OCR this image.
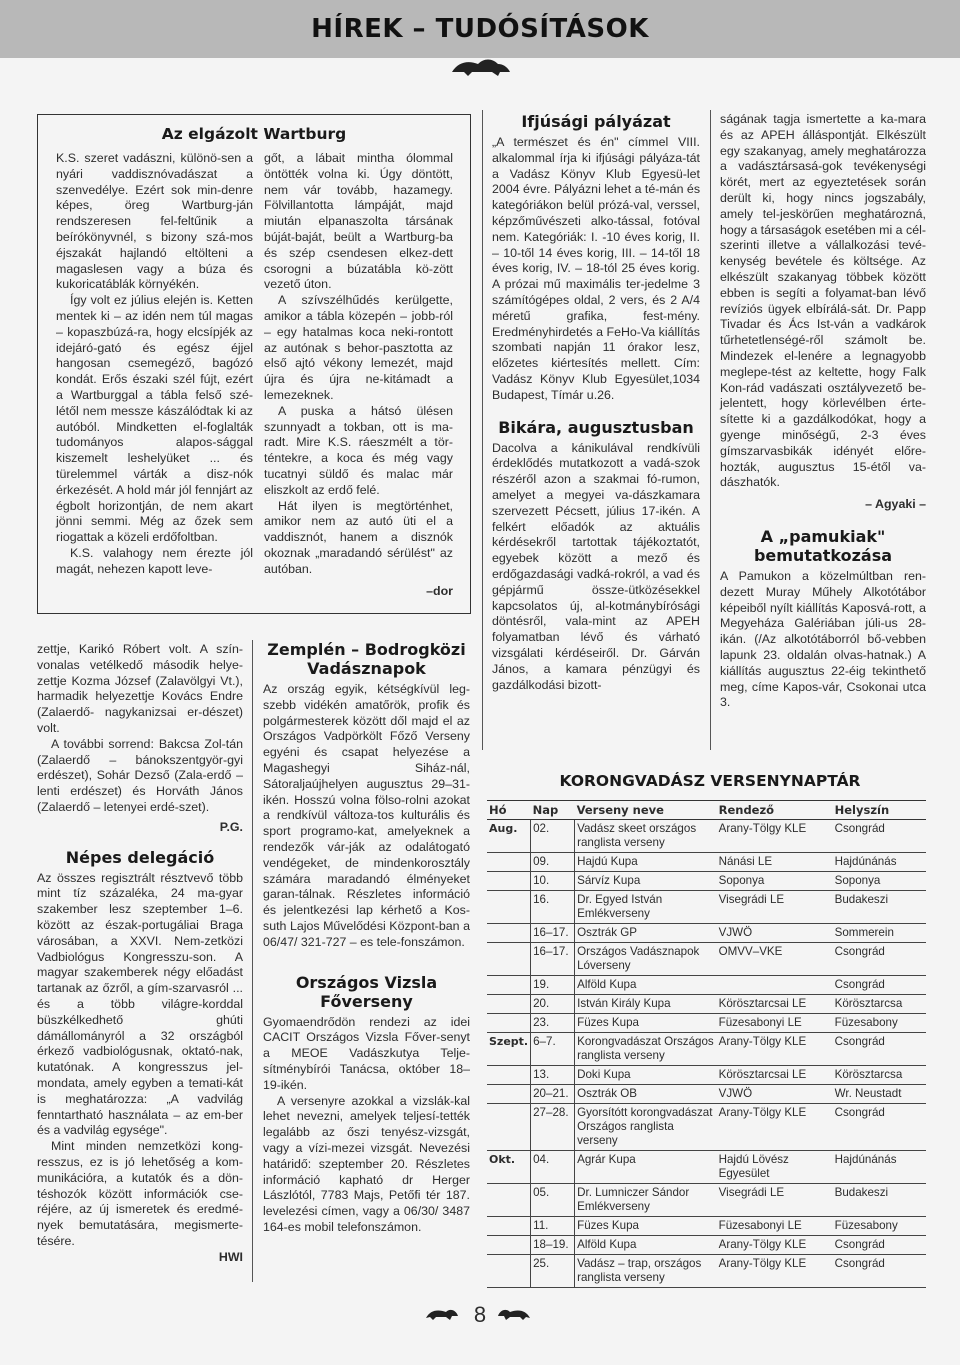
HÍREK – TUDÓSÍTÁSOK
Az elgázolt Wartburg

K.S. szeret vadászni, különö-sen a nyári vaddisznóvadászat a szenvedélye. Ezért sok min-denre képes, öreg Wartburg-ján rendszeresen fel-feltűnik a beírókönyvnél, s bizony szá-mos éjszakát hajlandó eltölteni a magaslesen vagy a búza és kukoricatáblák környékén.

Így volt ez július elején is. Ketten mentek ki – az idén nem túl magas – kopaszbúzá-ra, hogy elcsípjék az idejáró-gató és egész éjjel hangosan csemegéző, bagózó kondát. Erős északi szél fújt, ezért a Wartburggal a tábla felső szé-létől nem messze kászálódtak ki az autóból. Mindketten el-foglalták tudományos alapos-sággal kiszemelt leshelyüket ... és türelemmel várták a disz-nók érkezését. A hold már jól fennjárt az égbolt horizontján, de nem akart jönni semmi. Még az őzek sem riogattak a közeli erdőfoltban.

K.S. valahogy nem érezte jól magát, nehezen kapott leve-

gőt, a lábait mintha ólommal öntötték volna ki. Úgy döntött, nem vár tovább, hazamegy. Fölvillantotta lámpáját, majd miután elpanaszolta társának búját-baját, beült a Wartburg-ba és szép csendesen elkez-dett csorogni a búzatábla kö-zött vezető úton.

A szívszélhűdés kerülgette, amikor a tábla közepén – jobb-ról – egy hatalmas koca neki-rontott az autónak s behor-pasztotta az első ajtó vékony lemezét, majd újra és újra ne-kitámadt a lemezeknek.

A puska a hátsó ülésen szunnyadt a tokban, ott is ma-radt. Mire K.S. ráeszmélt a tör-téntekre, a koca és még vagy tucatnyi süldő és malac már eliszkolt az erdő felé.

Hát ilyen is megtörténhet, amikor nem az autó üti el a vaddisznót, hanem a disznók okoznak „maradandó sérülést" az autóban.

–dor

zettje, Karikó Róbert volt. A szín-vonalas vetélkedő második helye-zettje Kozma József (Zalavölgyi Vt.), harmadik helyezettje Kovács Endre (Zalaerdő- nagykanizsai er-dészet) volt.

A további sorrend: Bakcsa Zol-tán (Zalaerdő – bánokszentgyör-gyi erdészet), Sohár Dezső (Zala-erdő – lenti erdészet) és Horváth János (Zalaerdő – letenyei erdé-szet).

P.G.
Népes delegáció

Az összes regisztrált résztvevő több mint tíz százaléka, 24 ma-gyar szakember lesz szeptember 1–6. között az észak-portugáliai Braga városában, a XXVI. Nem-zetközi Vadbiológus Kongresszu-son. A magyar szakemberek négy előadást tartanak az őzről, a gím-szarvasról ... és a több világre-korddal büszkélkedhető ghúti dámállományról a 32 országból érkező vadbiológusnak, oktató-nak, kutatónak. A kongresszus jel-mondata, amely egyben a temati-kát is meghatározza: „A vadvilág fenntartható használata – az em-ber és a vadvilág egysége".

Mint minden nemzetközi kong-resszus, ez is jó lehetőség a kom-munikációra, a kutatók és a dön-téshozók között információk cse-réjére, az új ismeretek és eredmé-nyek bemutatására, megismerte-tésére.

HWI
Zemplén – Bodrogközi Vadásznapok

Az ország egyik, kétségkívül leg-szebb vidékén amatőrök, profik és polgármesterek között dől majd el az Országos Vadpörkölt Főző Verseny egyéni és csapat helyezése a Magashegyi Siház-nál, Sátoraljaújhelyen augusztus 29–31-ikén. Hosszú volna fölso-rolni azokat a rendkívül változa-tos kulturális és sport programo-kat, amelyeknek a rendezők vár-ják az odalátogató vendégeket, de mindenkorosztály számára maradandó élményeket garan-tálnak. Részletes információ és jelentkezési lap kérhető a Kos-suth Lajos Művelődési Központ-ban a 06/47/ 321-727 – es tele-fonszámon.

Országos Vizsla Főverseny

Gyomaendrődön rendezi az idei CACIT Országos Vizsla Főver-senyt a MEOE Vadászkutya Telje-sítménybírói Tanácsa, október 18–19-ikén.

A versenyre azokkal a vizslák-kal lehet nevezni, amelyek teljesí-tették legalább az őszi tenyész-vizsgát, vagy a vízi-mezei vizsgát. Nevezési határidő: szeptember 20. Részletes információ kapható dr Herger Lászlótól, 7783 Majs, Petőfi tér 187. levelezési címen, vagy a 06/30/ 3487 164-es mobil telefonszámon.

Ifjúsági pályázat

„A természet és én" címmel VIII. alkalommal írja ki ifjúsági pályáza-tát a Vadász Könyv Klub Egyesü-let 2004 évre. Pályázni lehet a té-mán és kategóriákon belül prózá-val, verssel, képzőművészeti alko-tással, fotóval nem. Kategóriák: I. -10 éves korig, II. – 10-től 14 éves korig, III. – 14-től 18 éves korig, IV. – 18-tól 25 éves korig. A prózai mű maximális ter-jedelme 3 számítógépes oldal, 2 vers, és 2 A/4 méretű grafika, fest-mény. Eredményhirdetés a FeHo-Va kiállítás szombati napján 11 órakor lesz, előzetes kiértesítés mellett. Cím: Vadász Könyv Klub Egyesület,1034 Budapest, Tímár u.26.

Bikára, augusztusban

Dacolva a kánikulával rendkívüli érdeklődés mutatkozott a vadá-szok részéről azon a szakmai fó-rumon, amelyet a megyei va-dászkamara szervezett Pécsett, július 17-ikén. A felkért előadók az aktuális kérdésekről tartottak tájékoztatót, egyebek között a mező és erdőgazdasági vadká-rokról, a vad és gépjármű össze-ütközésekkel kapcsolatos új, al-kotmánybírósági döntésről, vala-mint az APEH folyamatban lévő és várható vizsgálati kérdéseiről. Dr. Gárván János, a kamara pénzügyi és gazdálkodási bizott-

ságának tagja ismertette a ka-mara és az APEH álláspontját. Elkészült egy szakanyag, amely meghatározza a vadásztársasá-gok tevékenységi körét, mert az egyeztetések során derült ki, hogy nincs jogszabály, amely tel-jeskörűen meghatározná, hogy a társaságok esetében mi a cél-szerinti illetve a vállalkozási tevé-kenység bevétele és költsége. Az elkészült szakanyag többek között ebben is segíti a folyamat-ban lévő revíziós ügyek elbírálá-sát. Dr. Papp Tivadar és Ács Ist-ván a vadkárok tűrhetetlenségé-ről számolt be. Mindezek el-lenére a legnagyobb meglepe-tést az keltette, hogy Falk Kon-rád vadászati osztályvezető be-jelentett, hogy körlevélben érte-sítette ki a gazdálkodókat, hogy a gyenge minőségű, 2-3 éves gímszarvasbikák idényét előre-hozták, augusztus 15-étől va-dászhatók.

– Agyaki –
A „pamukiak" bemutatkozása

A Pamukon a közelmúltban ren-dezett Muray Műhely Alkotótábor képeiből nyílt kiállítás Kaposvá-rott, a Megyeháza Galériában júli-us 28-ikán. (/Az alkotótáborról bő-vebben lapunk 23. oldalán olvas-hatnak.) A kiállítás augusztus 22-éig tekinthető meg, címe Kapos-vár, Csokonai utca 3.

KORONGVADÁSZ VERSENYNAPTÁR
Hó	Nap	Verseny neve	Rendező	Helyszín
Aug.	02.	Vadász skeet országos ranglista verseny	Arany-Tölgy KLE	Csongrád
	09.	Hajdú Kupa	Nánási LE	Hajdúnánás
	10.	Sárvíz Kupa	Soponya	Soponya
	16.	Dr. Egyed István Emlékverseny	Visegrádi LE	Budakeszi
	16–17.	Osztrák GP	VJWÖ	Sommerein
	16–17.	Országos Vadásznapok Lóverseny	OMVV–VKE	Csongrád
	19.	Alföld Kupa		Csongrád
	20.	István Király Kupa	Körösztarcsai LE	Körösztarcsa
	23.	Füzes Kupa	Füzesabonyi LE	Füzesabony
Szept.	6–7.	Korongvadászat Országos ranglista verseny	Arany-Tölgy KLE	Csongrád
	13.	Doki Kupa	Körösztarcsai LE	Körösztarcsa
	20–21.	Osztrák OB	VJWÖ	Wr. Neustadt
	27–28.	Gyorsítótt korongvadászat Országos ranglista verseny	Arany-Tölgy KLE	Csongrád
Okt.	04.	Agrár Kupa	Hajdú Lövész Egyesület	Hajdúnánás
	05.	Dr. Lumniczer Sándor Emlékverseny	Visegrádi LE	Budakeszi
	11.	Füzes Kupa	Füzesabonyi LE	Füzesabony
	18–19.	Alföld Kupa	Arany-Tölgy KLE	Csongrád
	25.	Vadász – trap, országos ranglista verseny	Arany-Tölgy KLE	Csongrád
8
